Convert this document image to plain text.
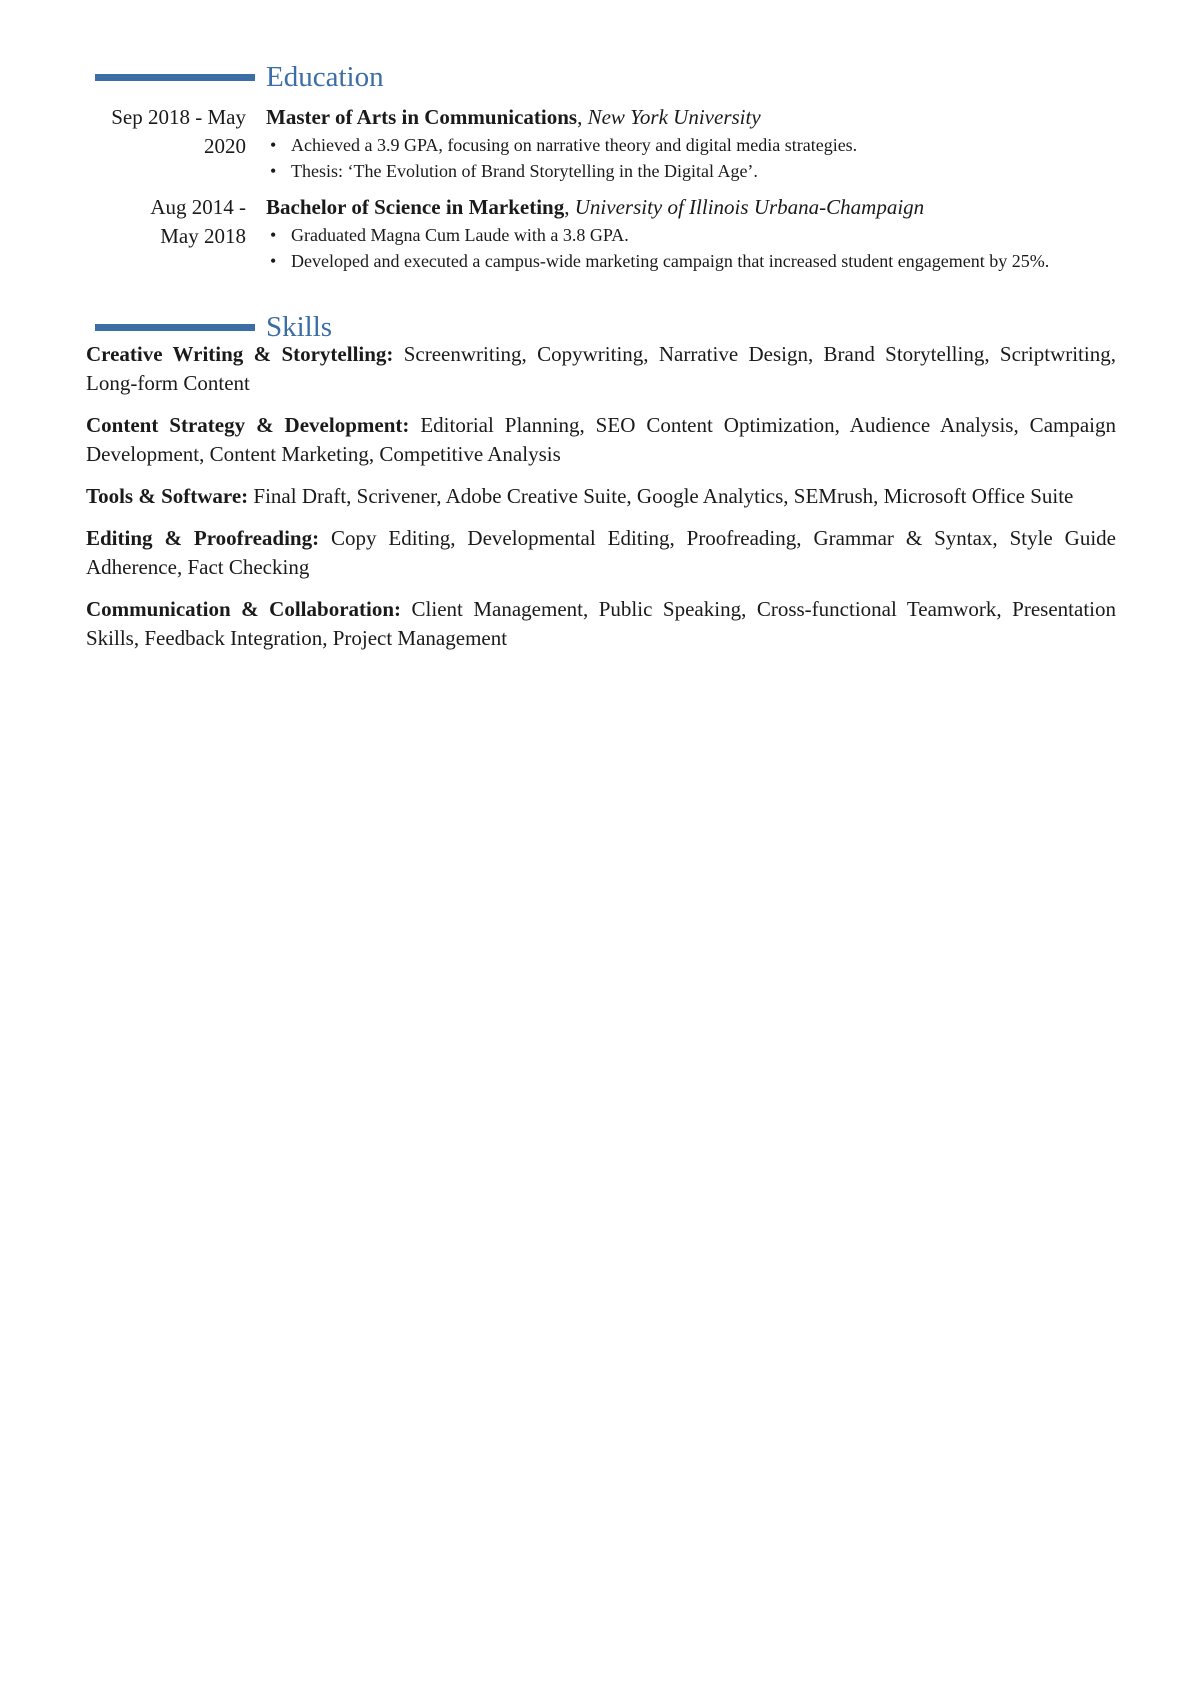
Education
Sep 2018 - May
2020
Master of Arts in Communications, New York University
• Achieved a 3.9 GPA, focusing on narrative theory and digital media strategies.
• Thesis: ‘The Evolution of Brand Storytelling in the Digital Age’.
Aug 2014 -
May 2018
Bachelor of Science in Marketing, University of Illinois Urbana-Champaign
• Graduated Magna Cum Laude with a 3.8 GPA.
• Developed and executed a campus-wide marketing campaign that increased student engagement by 25%.
Skills

Creative Writing & Storytelling: Screenwriting, Copywriting, Narrative Design, Brand Storytelling, Scriptwriting, Long-form Content

Content Strategy & Development: Editorial Planning, SEO Content Optimization, Audience Analysis, Campaign Development, Content Marketing, Competitive Analysis

Tools & Software: Final Draft, Scrivener, Adobe Creative Suite, Google Analytics, SEMrush, Microsoft Office Suite

Editing & Proofreading: Copy Editing, Developmental Editing, Proofreading, Grammar & Syntax, Style Guide Adherence, Fact Checking

Communication & Collaboration: Client Management, Public Speaking, Cross-functional Teamwork, Presentation Skills, Feedback Integration, Project Management
